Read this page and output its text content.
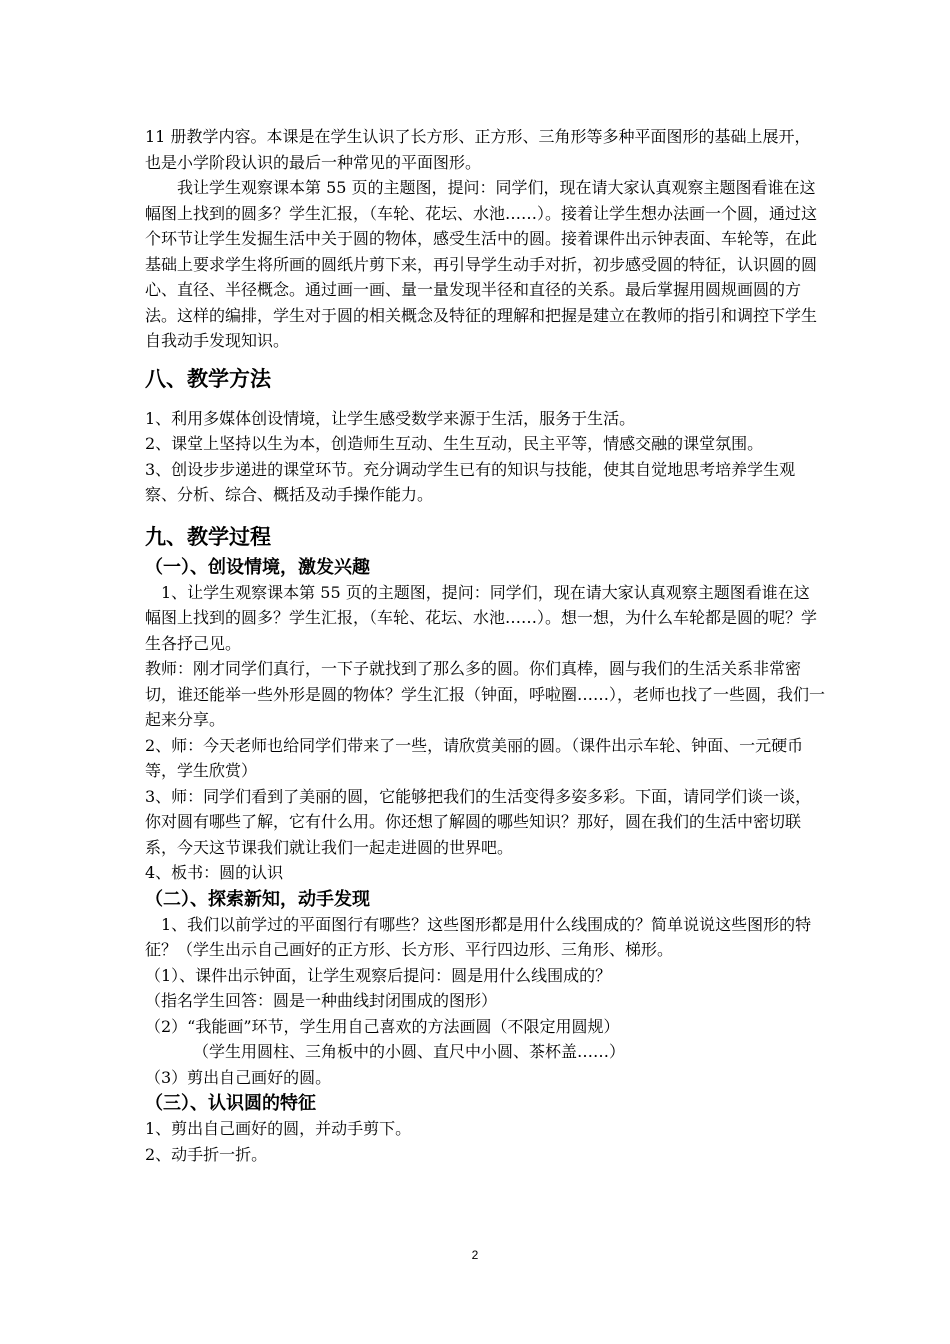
11 册教学内容。本课是在学生认识了长方形、正方形、三角形等多种平面图形的基础上展开，也是小学阶段认识的最后一种常见的平面图形。

我让学生观察课本第 55 页的主题图，提问：同学们，现在请大家认真观察主题图看谁在这幅图上找到的圆多？学生汇报，（车轮、花坛、水池……）。接着让学生想办法画一个圆，通过这个环节让学生发掘生活中关于圆的物体，感受生活中的圆。接着课件出示钟表面、车轮等，在此基础上要求学生将所画的圆纸片剪下来，再引导学生动手对折，初步感受圆的特征，认识圆的圆心、直径、半径概念。通过画一画、量一量发现半径和直径的关系。最后掌握用圆规画圆的方法。这样的编排，学生对于圆的相关概念及特征的理解和把握是建立在教师的指引和调控下学生自我动手发现知识。

八、教学方法

1、利用多媒体创设情境，让学生感受数学来源于生活，服务于生活。

2、课堂上坚持以生为本，创造师生互动、生生互动，民主平等，情感交融的课堂氛围。

3、创设步步递进的课堂环节。充分调动学生已有的知识与技能，使其自觉地思考培养学生观察、分析、综合、概括及动手操作能力。

九、教学过程
（一）、创设情境，激发兴趣

1、让学生观察课本第 55 页的主题图，提问：同学们，现在请大家认真观察主题图看谁在这幅图上找到的圆多？学生汇报，（车轮、花坛、水池……）。想一想，为什么车轮都是圆的呢？学生各抒己见。

教师：刚才同学们真行，一下子就找到了那么多的圆。你们真棒，圆与我们的生活关系非常密切，谁还能举一些外形是圆的物体？学生汇报（钟面，呼啦圈……），老师也找了一些圆，我们一起来分享。

2、师：今天老师也给同学们带来了一些，请欣赏美丽的圆。（课件出示车轮、钟面、一元硬币等，学生欣赏）

3、师：同学们看到了美丽的圆，它能够把我们的生活变得多姿多彩。下面，请同学们谈一谈，你对圆有哪些了解，它有什么用。你还想了解圆的哪些知识？那好，圆在我们的生活中密切联系，今天这节课我们就让我们一起走进圆的世界吧。

4、板书：圆的认识

（二）、探索新知，动手发现

1、我们以前学过的平面图行有哪些？这些图形都是用什么线围成的？简单说说这些图形的特征？（学生出示自己画好的正方形、长方形、平行四边形、三角形、梯形。

（1）、课件出示钟面，让学生观察后提问：圆是用什么线围成的？

（指名学生回答：圆是一种曲线封闭围成的图形）

（2）“我能画”环节，学生用自己喜欢的方法画圆（不限定用圆规）

（学生用圆柱、三角板中的小圆、直尺中小圆、茶杯盖……）

（3）剪出自己画好的圆。

（三）、认识圆的特征

1、剪出自己画好的圆，并动手剪下。

2、动手折一折。

2
